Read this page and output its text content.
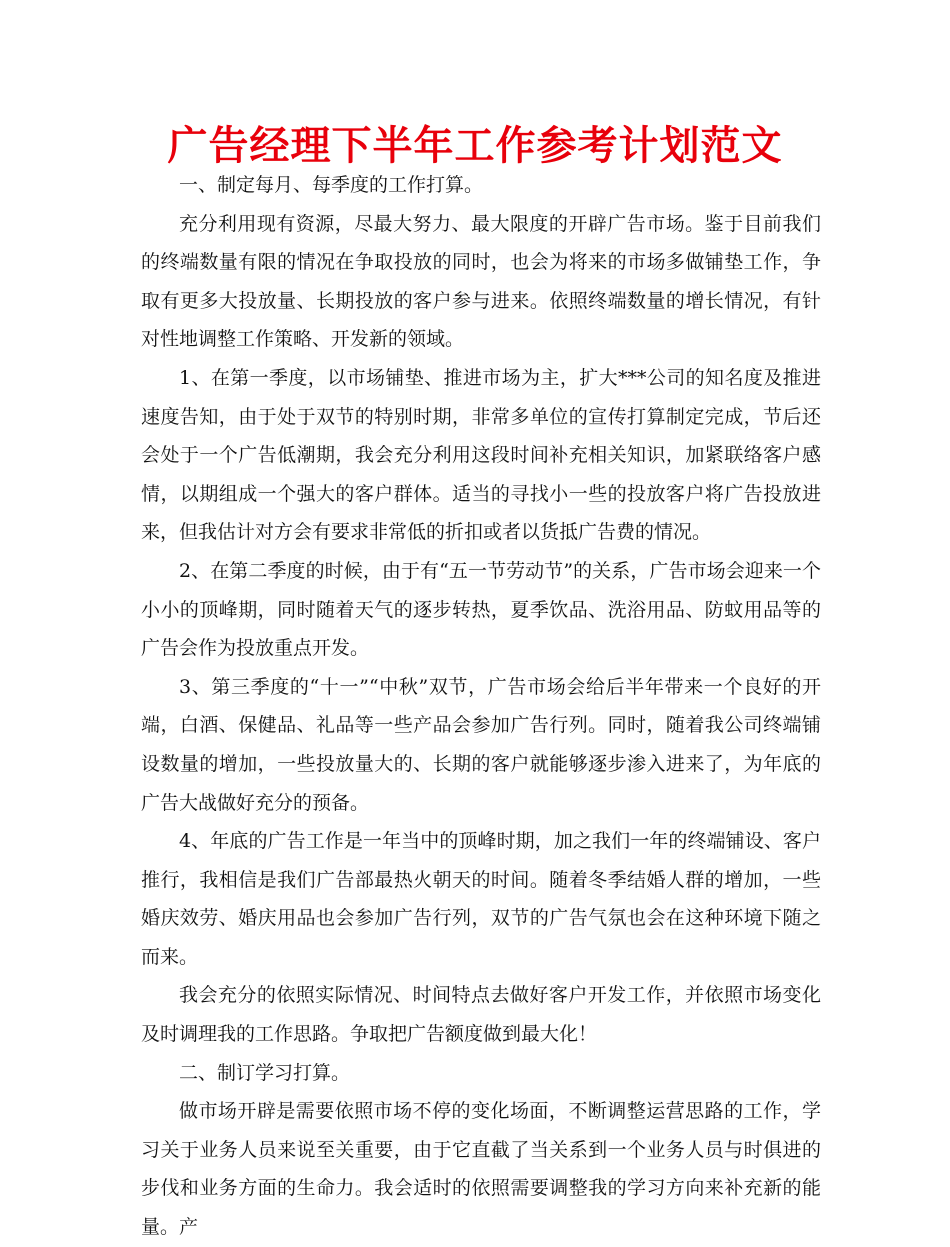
广告经理下半年工作参考计划范文

一、制定每月、每季度的工作打算。

充分利用现有资源，尽最大努力、最大限度的开辟广告市场。鉴于目前我们的终端数量有限的情况在争取投放的同时，也会为将来的市场多做铺垫工作，争取有更多大投放量、长期投放的客户参与进来。依照终端数量的增长情况，有针对性地调整工作策略、开发新的领域。

1、在第一季度，以市场铺垫、推进市场为主，扩大***公司的知名度及推进速度告知，由于处于双节的特别时期，非常多单位的宣传打算制定完成，节后还会处于一个广告低潮期，我会充分利用这段时间补充相关知识，加紧联络客户感情，以期组成一个强大的客户群体。适当的寻找小一些的投放客户将广告投放进来，但我估计对方会有要求非常低的折扣或者以货抵广告费的情况。

2、在第二季度的时候，由于有“五一节劳动节”的关系，广告市场会迎来一个小小的顶峰期，同时随着天气的逐步转热，夏季饮品、洗浴用品、防蚊用品等的广告会作为投放重点开发。

3、第三季度的“十一”“中秋”双节，广告市场会给后半年带来一个良好的开端，白酒、保健品、礼品等一些产品会参加广告行列。同时，随着我公司终端铺设数量的增加，一些投放量大的、长期的客户就能够逐步渗入进来了，为年底的广告大战做好充分的预备。

4、年底的广告工作是一年当中的顶峰时期，加之我们一年的终端铺设、客户推行，我相信是我们广告部最热火朝天的时间。随着冬季结婚人群的增加，一些婚庆效劳、婚庆用品也会参加广告行列，双节的广告气氛也会在这种环境下随之而来。

我会充分的依照实际情况、时间特点去做好客户开发工作，并依照市场变化及时调理我的工作思路。争取把广告额度做到最大化！

二、制订学习打算。

做市场开辟是需要依照市场不停的变化场面，不断调整运营思路的工作，学习关于业务人员来说至关重要，由于它直截了当关系到一个业务人员与时俱进的步伐和业务方面的生命力。我会适时的依照需要调整我的学习方向来补充新的能量。产
